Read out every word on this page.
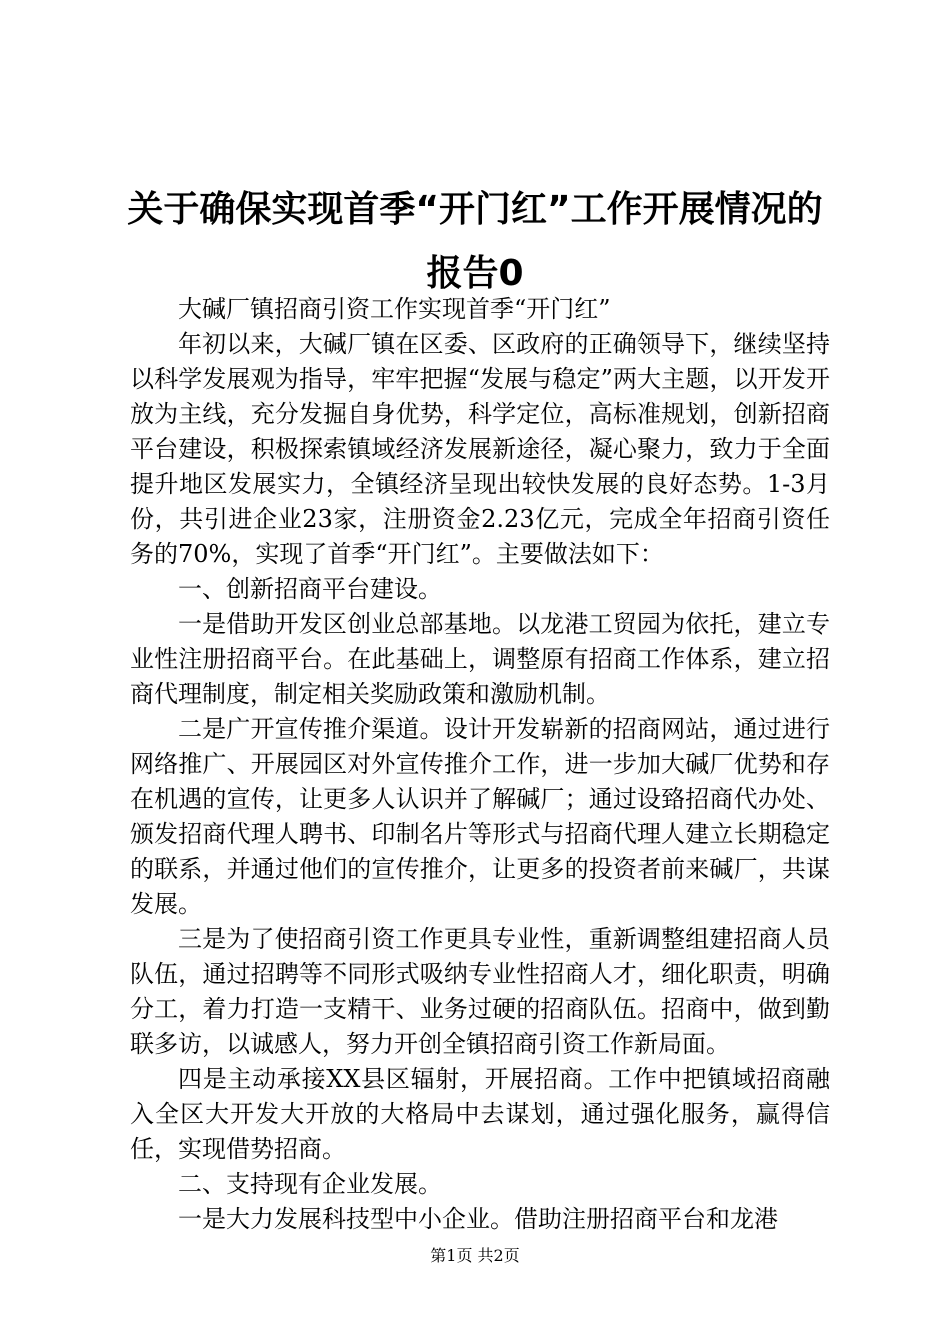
关于确保实现首季“开门红”工作开展情况的
报告0

大碱厂镇招商引资工作实现首季“开门红”

年初以来，大碱厂镇在区委、区政府的正确领导下，继续坚持以科学发展观为指导，牢牢把握“发展与稳定”两大主题，以开发开放为主线，充分发掘自身优势，科学定位，高标准规划，创新招商平台建设，积极探索镇域经济发展新途径，凝心聚力，致力于全面提升地区发展实力，全镇经济呈现出较快发展的良好态势。1-3月份，共引进企业23家，注册资金2.23亿元，完成全年招商引资任务的70%，实现了首季“开门红”。主要做法如下：

一、创新招商平台建设。

一是借助开发区创业总部基地。以龙港工贸园为依托，建立专业性注册招商平台。在此基础上，调整原有招商工作体系，建立招商代理制度，制定相关奖励政策和激励机制。

二是广开宣传推介渠道。设计开发崭新的招商网站，通过进行网络推广、开展园区对外宣传推介工作，进一步加大碱厂优势和存在机遇的宣传，让更多人认识并了解碱厂；通过设臵招商代办处、颁发招商代理人聘书、印制名片等形式与招商代理人建立长期稳定的联系，并通过他们的宣传推介，让更多的投资者前来碱厂，共谋发展。

三是为了使招商引资工作更具专业性，重新调整组建招商人员队伍，通过招聘等不同形式吸纳专业性招商人才，细化职责，明确分工，着力打造一支精干、业务过硬的招商队伍。招商中，做到勤联多访，以诚感人，努力开创全镇招商引资工作新局面。

四是主动承接XX县区辐射，开展招商。工作中把镇域招商融入全区大开发大开放的大格局中去谋划，通过强化服务，赢得信任，实现借势招商。

二、支持现有企业发展。

一是大力发展科技型中小企业。借助注册招商平台和龙港

第1页 共2页
